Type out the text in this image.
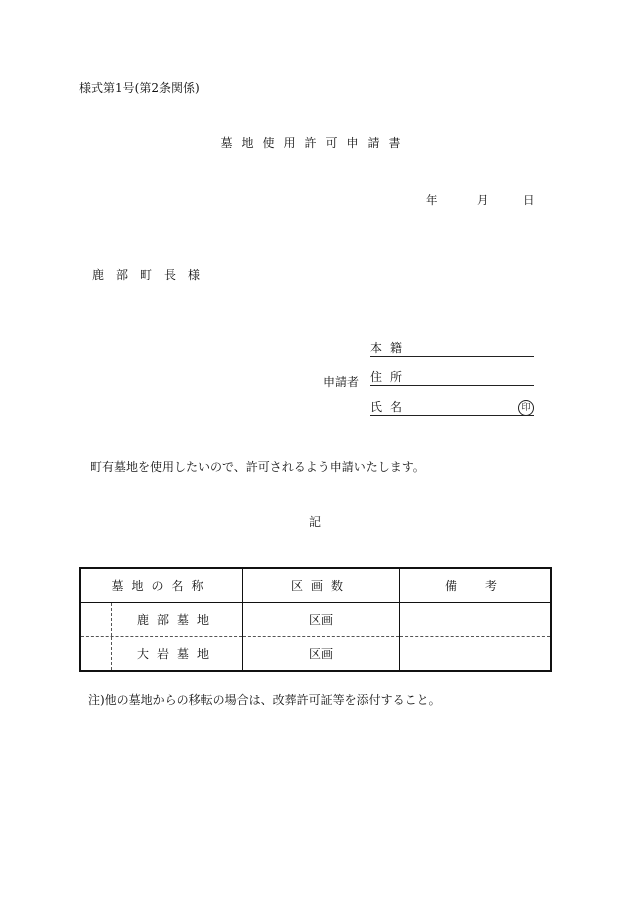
様式第1号(第2条関係)
墓地使用許可申請書
年	月	日
鹿部町長様
本籍
申請者 住所
氏名	印
町有墓地を使用したいので、許可されるよう申請いたします。
記
墓地の名称	区画数	備　考

鹿部墓地	区画	

大岩墓地	区画	
注)他の墓地からの移転の場合は、改葬許可証等を添付すること。
